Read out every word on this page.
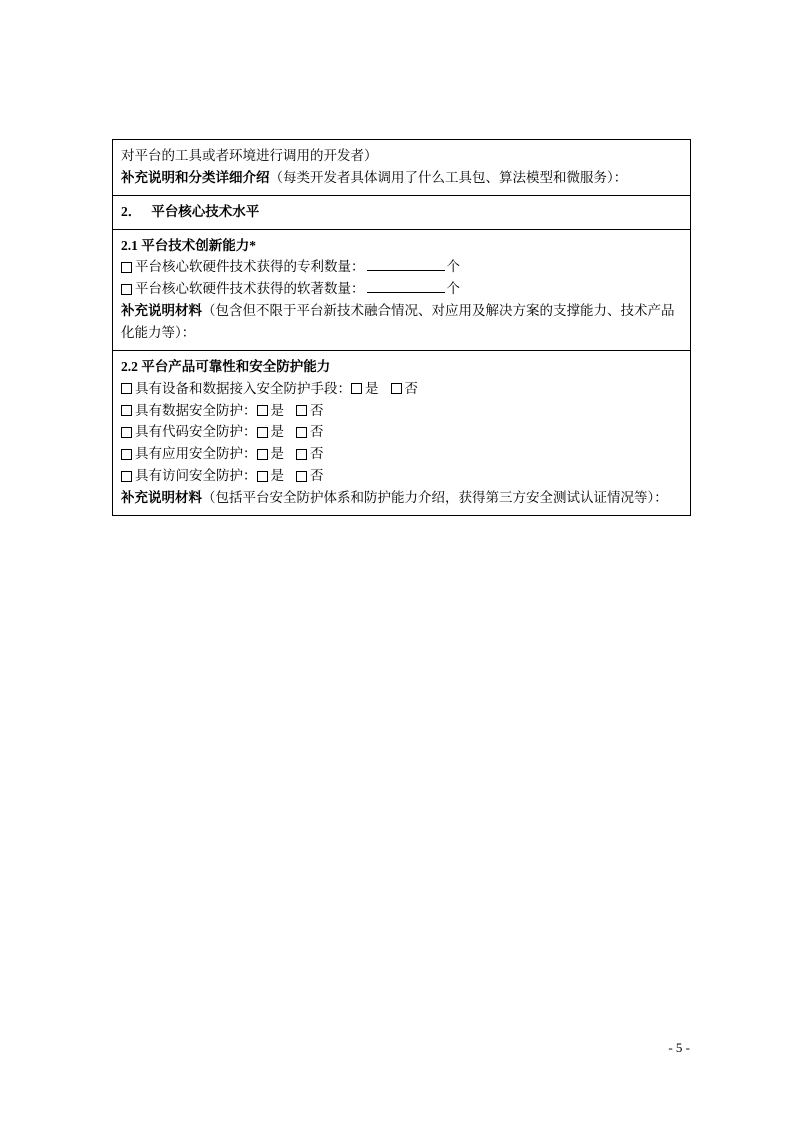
对平台的工具或者环境进行调用的开发者）
补充说明和分类详细介绍（每类开发者具体调用了什么工具包、算法模型和微服务）：

2． 平台核心技术水平

2.1 平台技术创新能力*
平台核心软硬件技术获得的专利数量：	个
平台核心软硬件技术获得的软著数量：	个
补充说明材料（包含但不限于平台新技术融合情况、对应用及解决方案的支撑能力、技术产品化能力等）：

2.2 平台产品可靠性和安全防护能力
具有设备和数据接入安全防护手段： 是 否
具有数据安全防护： 是 否
具有代码安全防护： 是 否
具有应用安全防护： 是 否
具有访问安全防护： 是 否
补充说明材料（包括平台安全防护体系和防护能力介绍，获得第三方安全测试认证情况等）：
- 5 -
